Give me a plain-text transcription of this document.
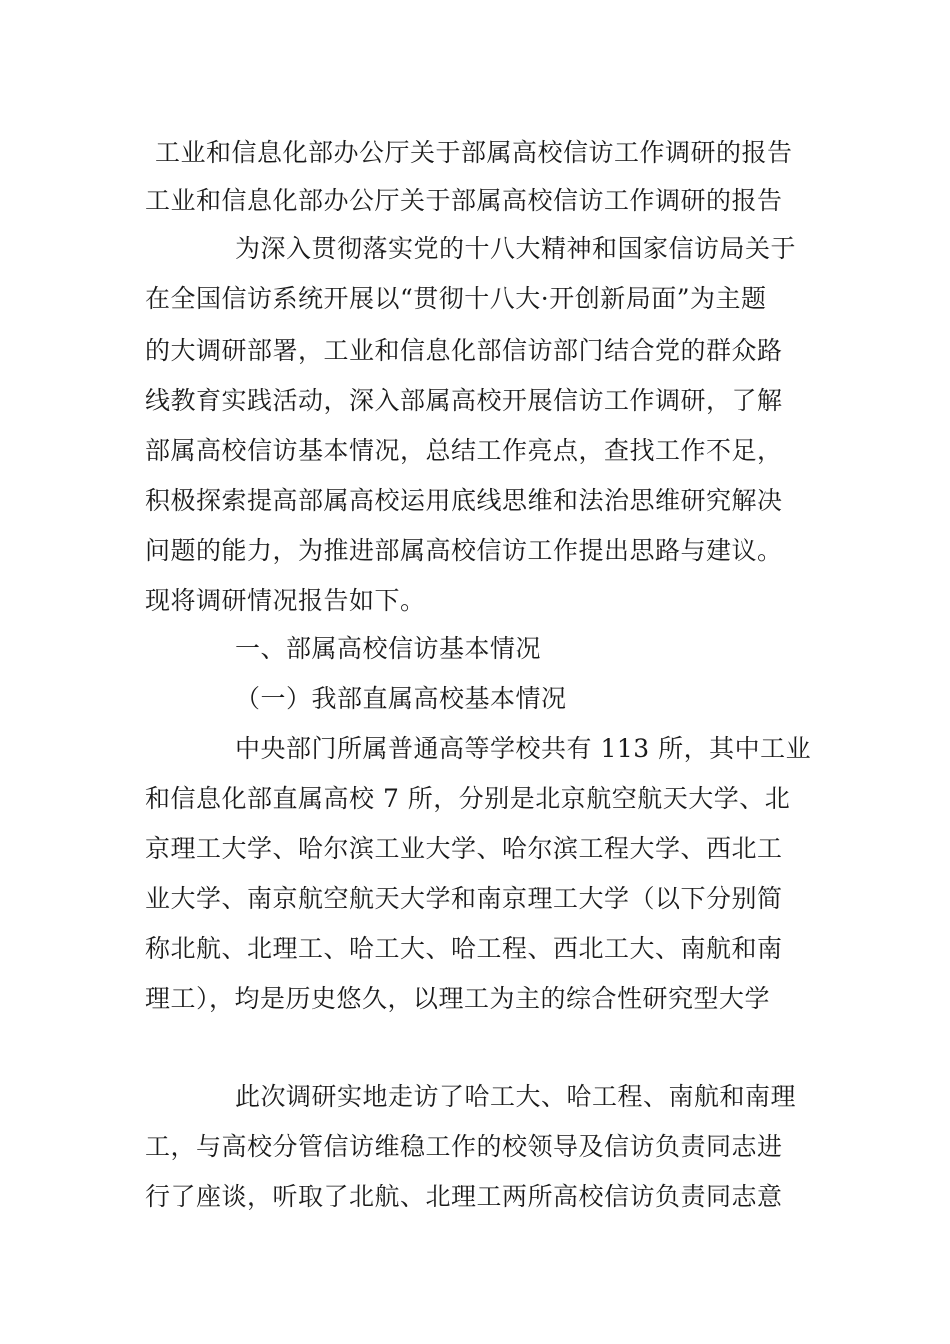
工业和信息化部办公厅关于部属高校信访工作调研的报告
工业和信息化部办公厅关于部属高校信访工作调研的报告
为深入贯彻落实党的十八大精神和国家信访局关于
在全国信访系统开展以“贯彻十八大·开创新局面”为主题
的大调研部署，工业和信息化部信访部门结合党的群众路
线教育实践活动，深入部属高校开展信访工作调研，了解
部属高校信访基本情况，总结工作亮点，查找工作不足，
积极探索提高部属高校运用底线思维和法治思维研究解决
问题的能力，为推进部属高校信访工作提出思路与建议。
现将调研情况报告如下。
一、部属高校信访基本情况
（一）我部直属高校基本情况
中央部门所属普通高等学校共有 113 所，其中工业
和信息化部直属高校 7 所，分别是北京航空航天大学、北
京理工大学、哈尔滨工业大学、哈尔滨工程大学、西北工
业大学、南京航空航天大学和南京理工大学（以下分别简
称北航、北理工、哈工大、哈工程、西北工大、南航和南
理工），均是历史悠久，以理工为主的综合性研究型大学
此次调研实地走访了哈工大、哈工程、南航和南理
工，与高校分管信访维稳工作的校领导及信访负责同志进
行了座谈，听取了北航、北理工两所高校信访负责同志意
